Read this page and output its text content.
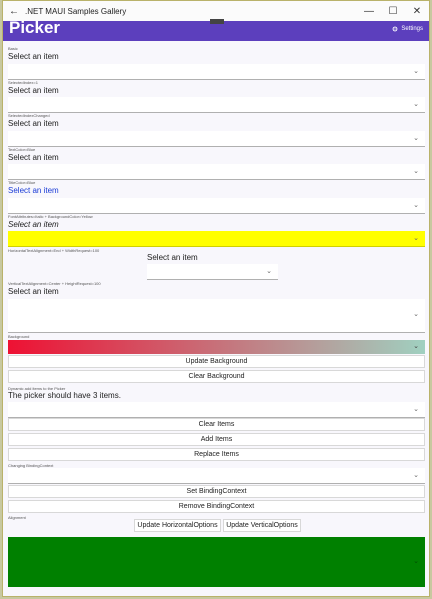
← .NET MAUI Samples Gallery	—	☐	✕
Picker	Settings
Basic
Select an item
⌄
SelectedIndex=1
Select an item
⌄
SelectedIndexChanged
Select an item
⌄
TextColor=Blue
Select an item
⌄
TitleColor=Blue
Select an item
⌄
FontAttributes=Italic + BackgroundColor=Yellow
Select an item
⌄
HorizontalTextAlignment=End + WidthRequest=100
Select an item
⌄
VerticalTextAlignment=Center + HeightRequest=100
Select an item
⌄
Background
⌄
Update Background
Clear Background
Dynamic add items to the Picker
The picker should have 3 items.
⌄
Clear Items
Add Items
Replace Items
Changing BindingContext
⌄
Set BindingContext
Remove BindingContext
Alignment
Update HorizontalOptions	Update VerticalOptions
⌄
